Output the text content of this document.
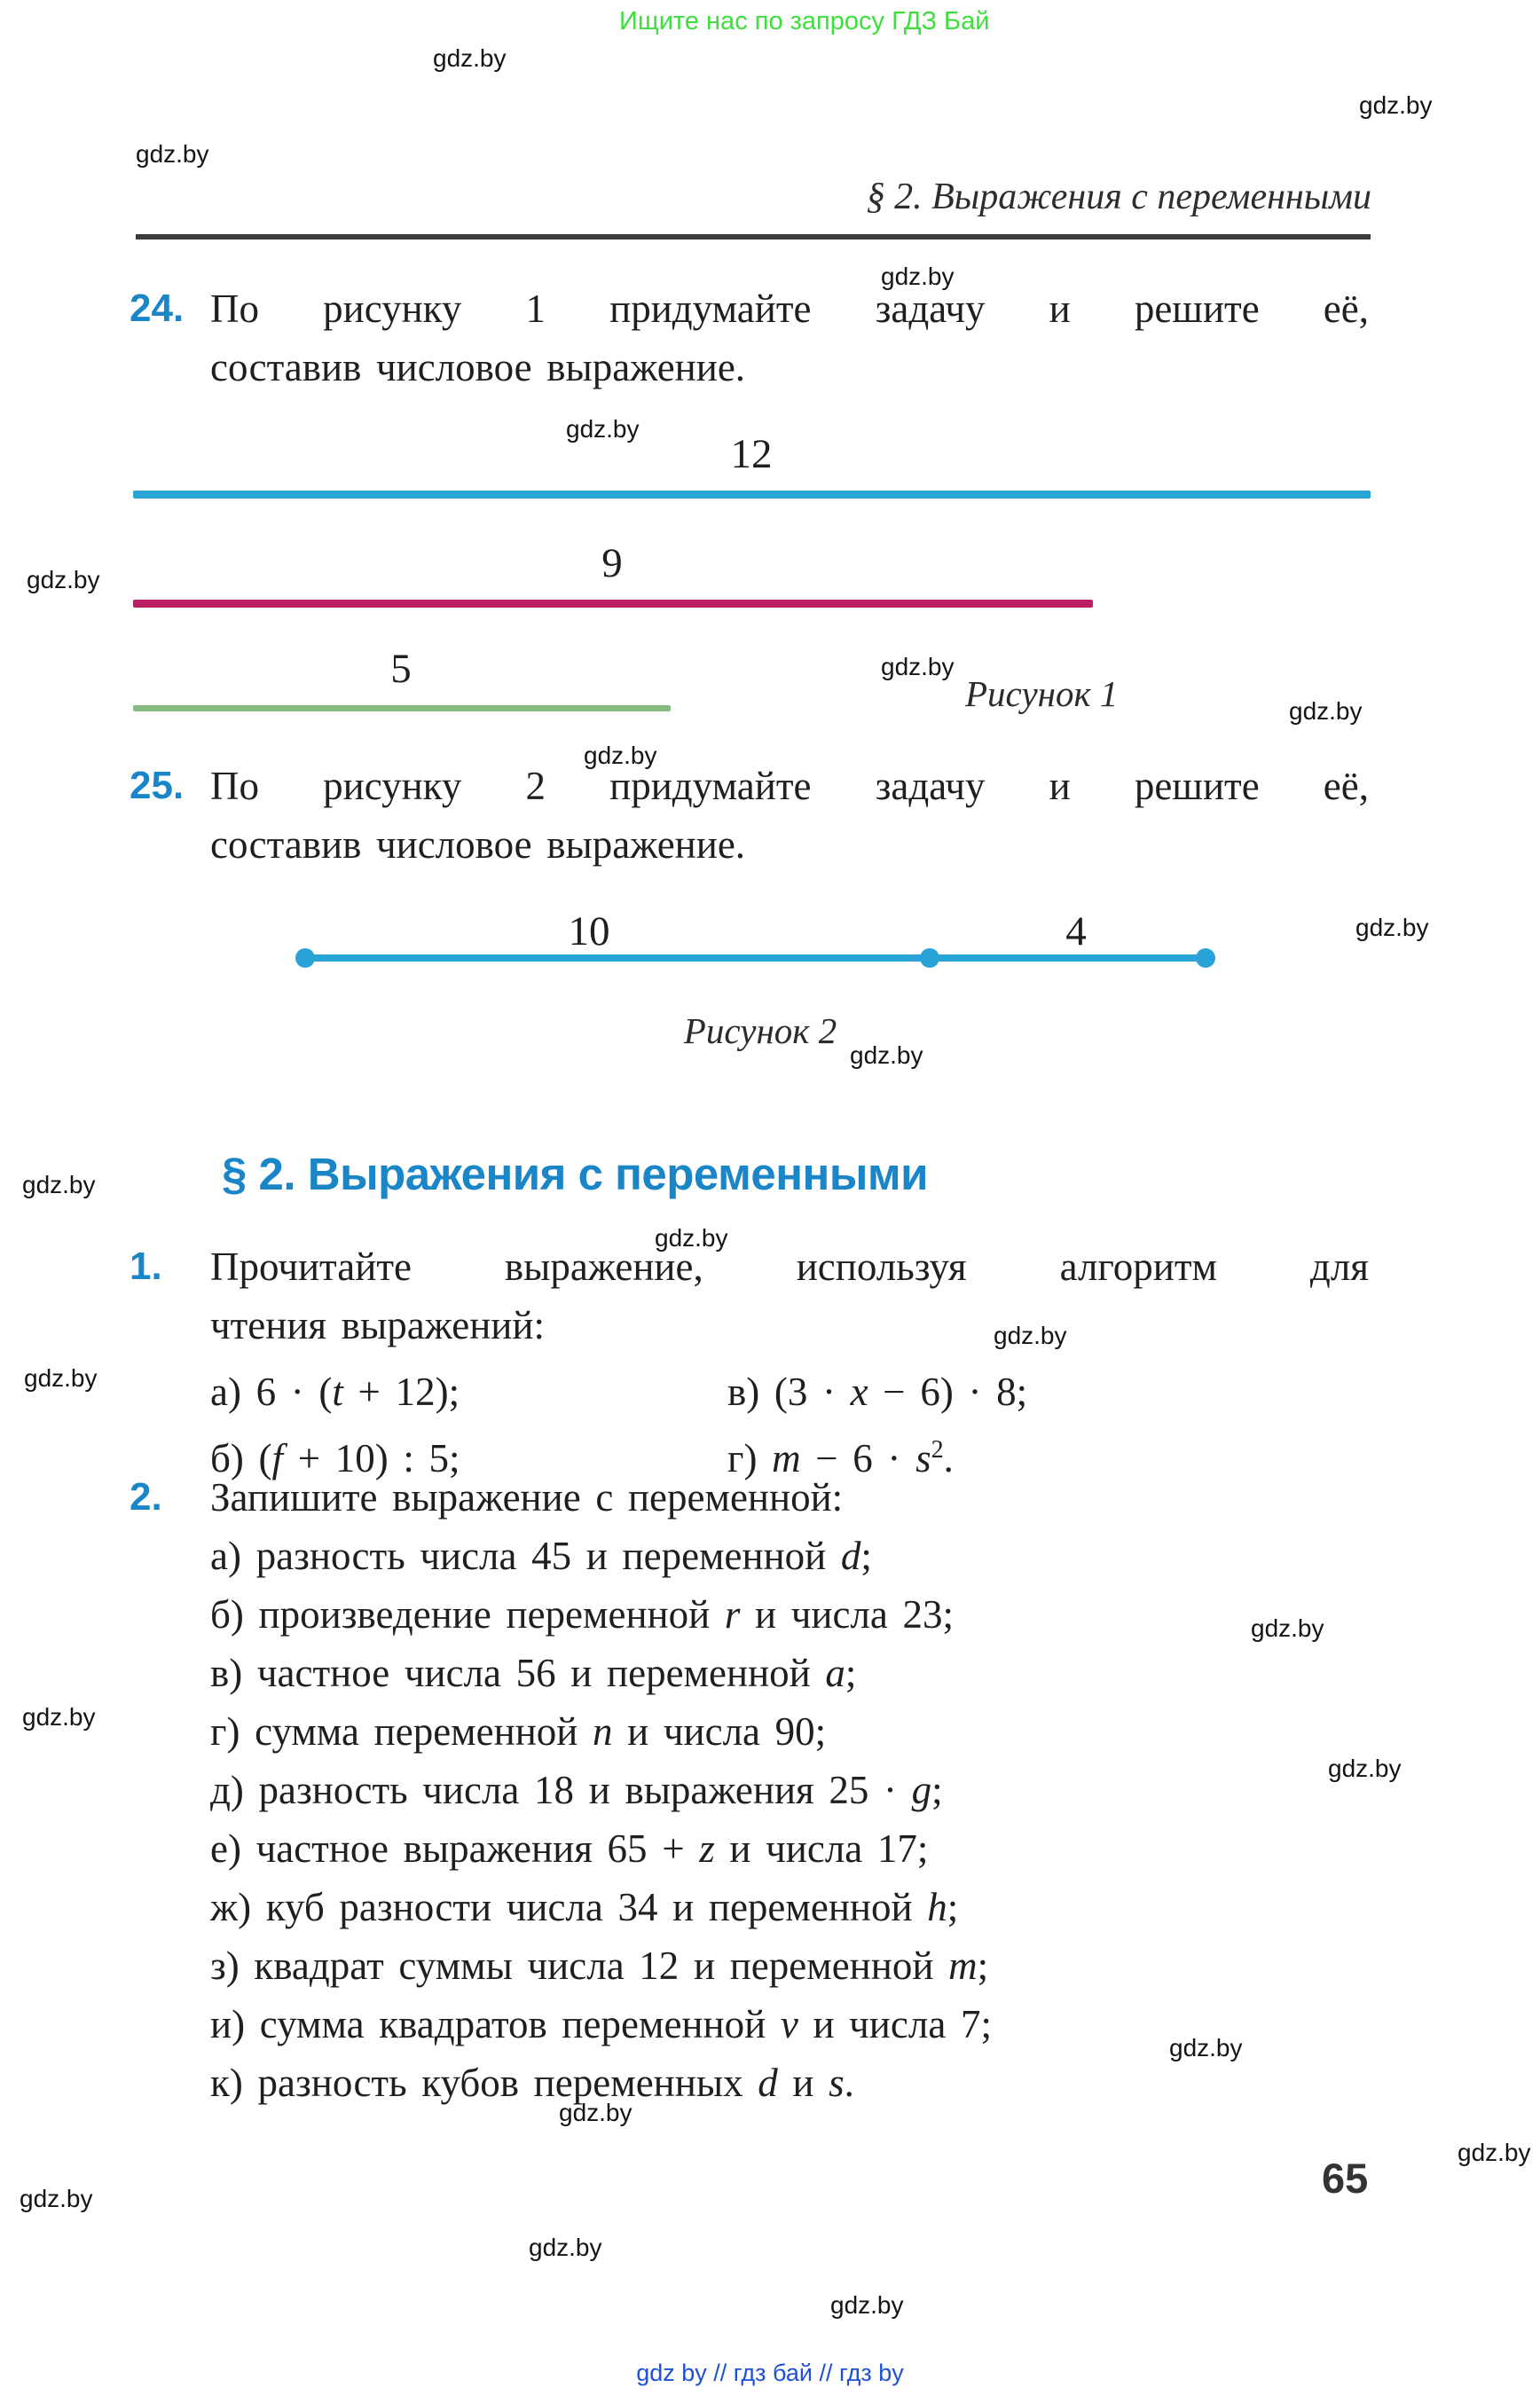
Ищите нас по запросу ГДЗ Бай
gdz.by
gdz.by
gdz.by
gdz.by
gdz.by
gdz.by
gdz.by
gdz.by
gdz.by
gdz.by
gdz.by
gdz.by
gdz.by
gdz.by
gdz.by
gdz.by
gdz.by
gdz.by
gdz.by
gdz.by
gdz.by
gdz.by
gdz.by
gdz.by
§ 2. Выражения с переменными
24. По рисунку 1 придумайте задачу и решите её,
составив числовое выражение.
12
9
5
Рисунок 1
25. По рисунку 2 придумайте задачу и решите её,
составив числовое выражение.
10	4
Рисунок 2
§ 2. Выражения с переменными
1.	Прочитайте выражение, используя алгоритм для
чтения выражений:
а) 6 · (t + 12);	в) (3 · x − 6) · 8;
б) (f + 10) : 5;	г) $m - 6 \cdot s^2$.
2.	Запишите выражение с переменной:
а) разность числа 45 и переменной d;
б) произведение переменной r и числа 23;
в) частное числа 56 и переменной a;
г) сумма переменной n и числа 90;
д) разность числа 18 и выражения 25 · g;
е) частное выражения 65 + z и числа 17;
ж) куб разности числа 34 и переменной h;
з) квадрат суммы числа 12 и переменной m;
и) сумма квадратов переменной v и числа 7;
к) разность кубов переменных d и s.
65
gdz by // гдз бай // гдз by
